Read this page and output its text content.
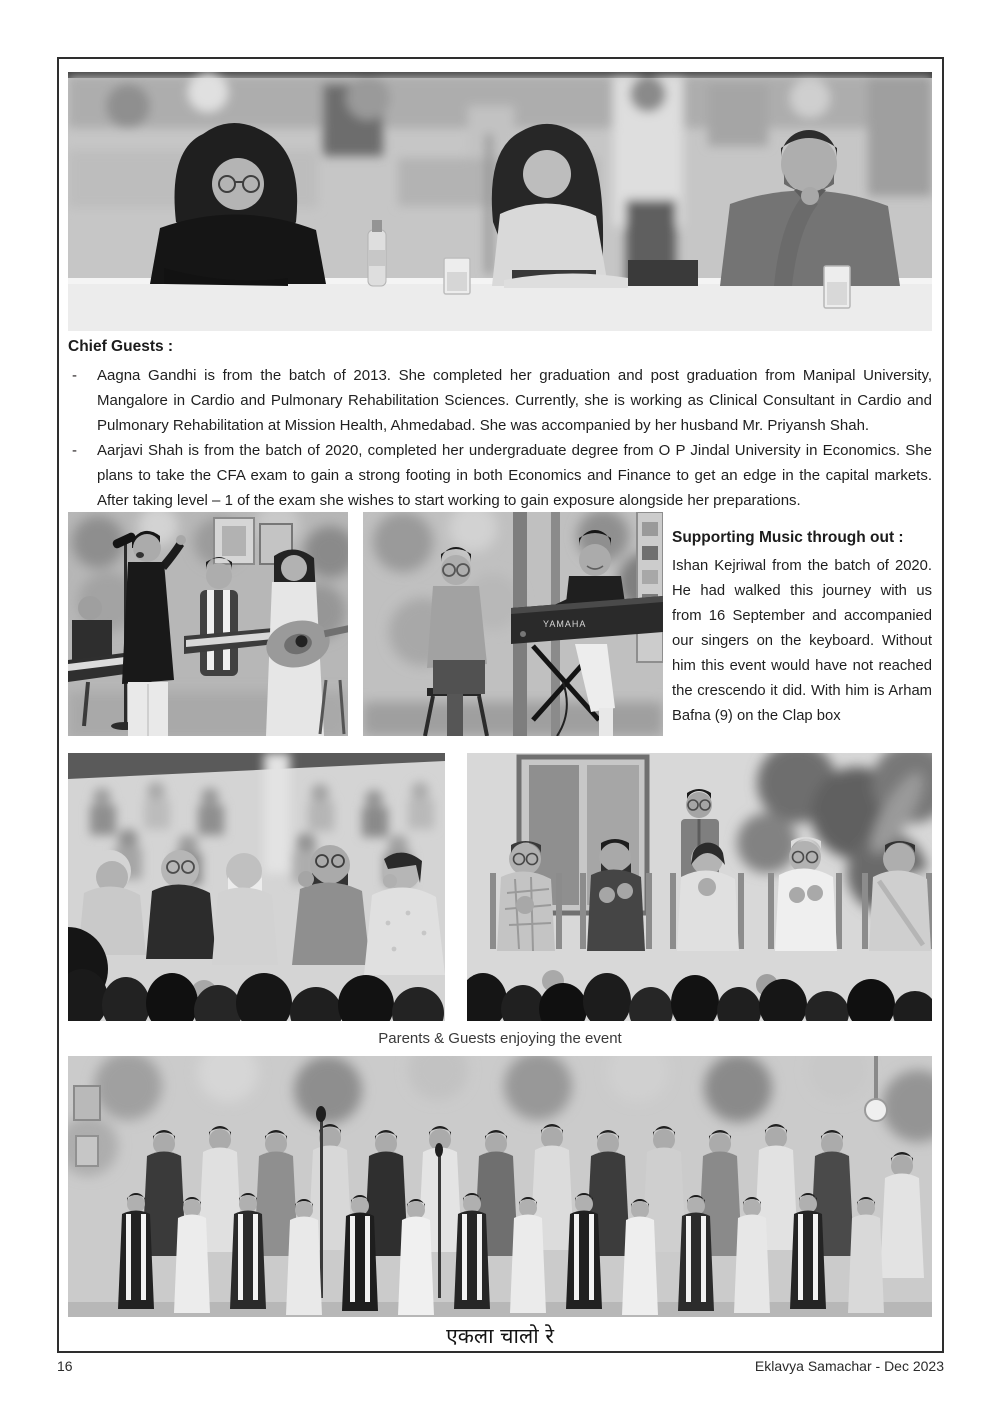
Chief Guests :
-	Aagna Gandhi is from the batch of 2013. She completed her graduation and post graduation from Manipal University, Mangalore in Cardio and Pulmonary Rehabilitation Sciences. Currently, she is working as Clinical Consultant in Cardio and Pulmonary Rehabilitation at Mission Health, Ahmedabad. She was accompanied by her husband Mr. Priyansh Shah.

-	Aarjavi Shah is from the batch of 2020, completed her undergraduate degree from O P Jindal University in Economics. She plans to take the CFA exam to gain a strong footing in both Economics and Finance to get an edge in the capital markets. After taking level – 1 of the exam she wishes to start working to gain exposure alongside her preparations.

YAMAHA
Supporting Music through out :

Ishan Kejriwal from the batch of 2020. He had walked this journey with us from 16 September and accompanied our singers on the keyboard. Without him this event would have not reached the crescendo it did. With him is Arham Bafna (9) on the Clap box

Parents & Guests enjoying the event

एकला चालो रे

16	Eklavya Samachar - Dec 2023
